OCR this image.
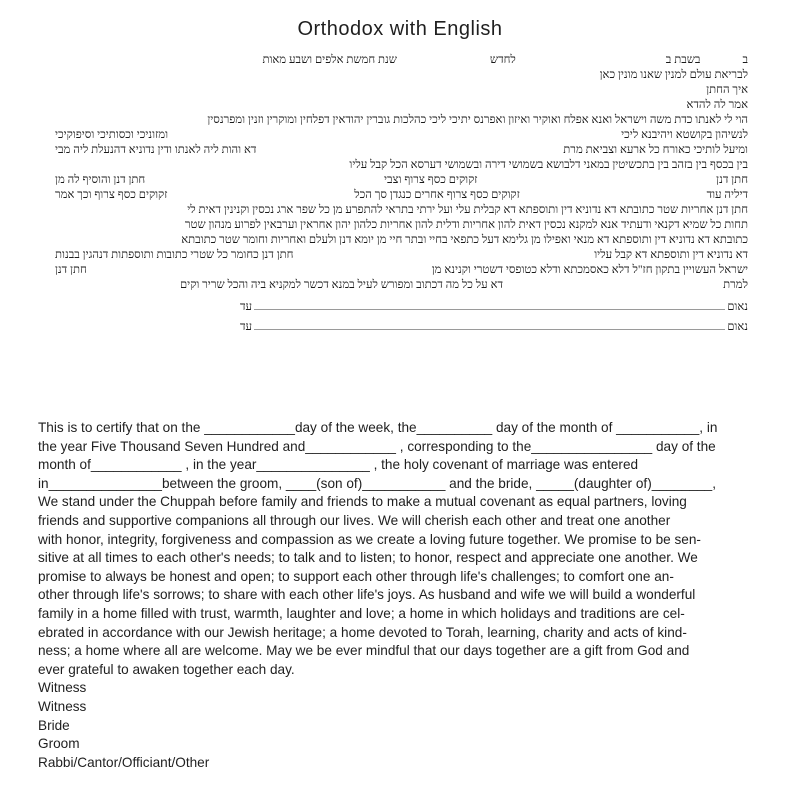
Orthodox with English
ב
בשבת ב
לחדש
שנת חמשת אלפים ושבע מאות
לבריאת עולם למנין שאנו מונין כאן
איך החתן
אמר לה להדא
הוי לי לאנתו כדת משה וישראל ואנא אפלח ואוקיר ואיזון ואפרנס יתיכי ליכי כהלכות גוברין יהודאין דפלחין ומוקרין וזנין ומפרנסין
לנשיהון בקושטא ויהיבנא ליכי
ומזוניכי וכסותיכי וסיפוקיכי
ומיעל לותיכי כאורח כל ארעא וצביאת מרת
דא והות ליה לאנתו ודין נדוניא דהנעלת ליה מבי
בין בכסף בין בזהב בין בתכשיטין במאני דלבושא בשמושי דירה ובשמושי דערסא הכל קבל עליו
חתן דנן
זקוקים כסף צרוף וצבי
חתן דנן והוסיף לה מן
דיליה עוד
זקוקים כסף צרוף אחרים כנגדן סך הכל
זקוקים כסף צרוף וכך אמר
חתן דנן אחריות שטר כתובתא דא נדוניא דין ותוספתא דא קבלית עלי ועל ירתי בתראי להתפרע מן כל שפר ארג נכסין וקנינין דאית לי
תחות כל שמיא דקנאי ודעתיד אנא למקנא נכסין דאית להון אחריות ודלית להון אחריות כלהון יהון אחראין וערבאין לפרוע מנהון שטר
כתובתא דא נדוניא דין ותוספתא דא מנאי ואפילו מן גלימא דעל כתפאי בחיי ובתר חיי מן יומא דנן ולעלם ואחריות וחומר שטר כתובתא
דא נדוניא דין ותוספתא דא קבל עליו
חתן דנן כחומר כל שטרי כתובות ותוספתות דנהגין בבנות
ישראל העשויין בתקון חז"ל דלא כאסמכתא ודלא כטופסי דשטרי וקנינא מן
חתן דנן
למרת
דא על כל מה דכתוב ומפורש לעיל במנא דכשר למקניא ביה והכל שריר וקים
נאום
עד
נאום
עד
This is to certify that on the ____________day of the week, the__________ day of the month of ___________, in
the year Five Thousand Seven Hundred and____________ , corresponding to the________________ day of the
month of____________ , in the year_______________ , the holy covenant of marriage was entered
in_______________between the groom, ____(son of)___________ and the bride, _____(daughter of)________,
We stand under the Chuppah before family and friends to make a mutual covenant as equal partners, loving
friends and supportive companions all through our lives. We will cherish each other and treat one another
with honor, integrity, forgiveness and compassion as we create a loving future together. We promise to be sen-
sitive at all times to each other's needs; to talk and to listen; to honor, respect and appreciate one another. We
promise to always be honest and open; to support each other through life's challenges; to comfort one an-
other through life's sorrows; to share with each other life's joys. As husband and wife we will build a wonderful
family in a home filled with trust, warmth, laughter and love; a home in which holidays and traditions are cel-
ebrated in accordance with our Jewish heritage; a home devoted to Torah, learning, charity and acts of kind-
ness; a home where all are welcome. May we be ever mindful that our days together are a gift from God and
ever grateful to awaken together each day.
Witness
Witness
Bride
Groom
Rabbi/Cantor/Officiant/Other
